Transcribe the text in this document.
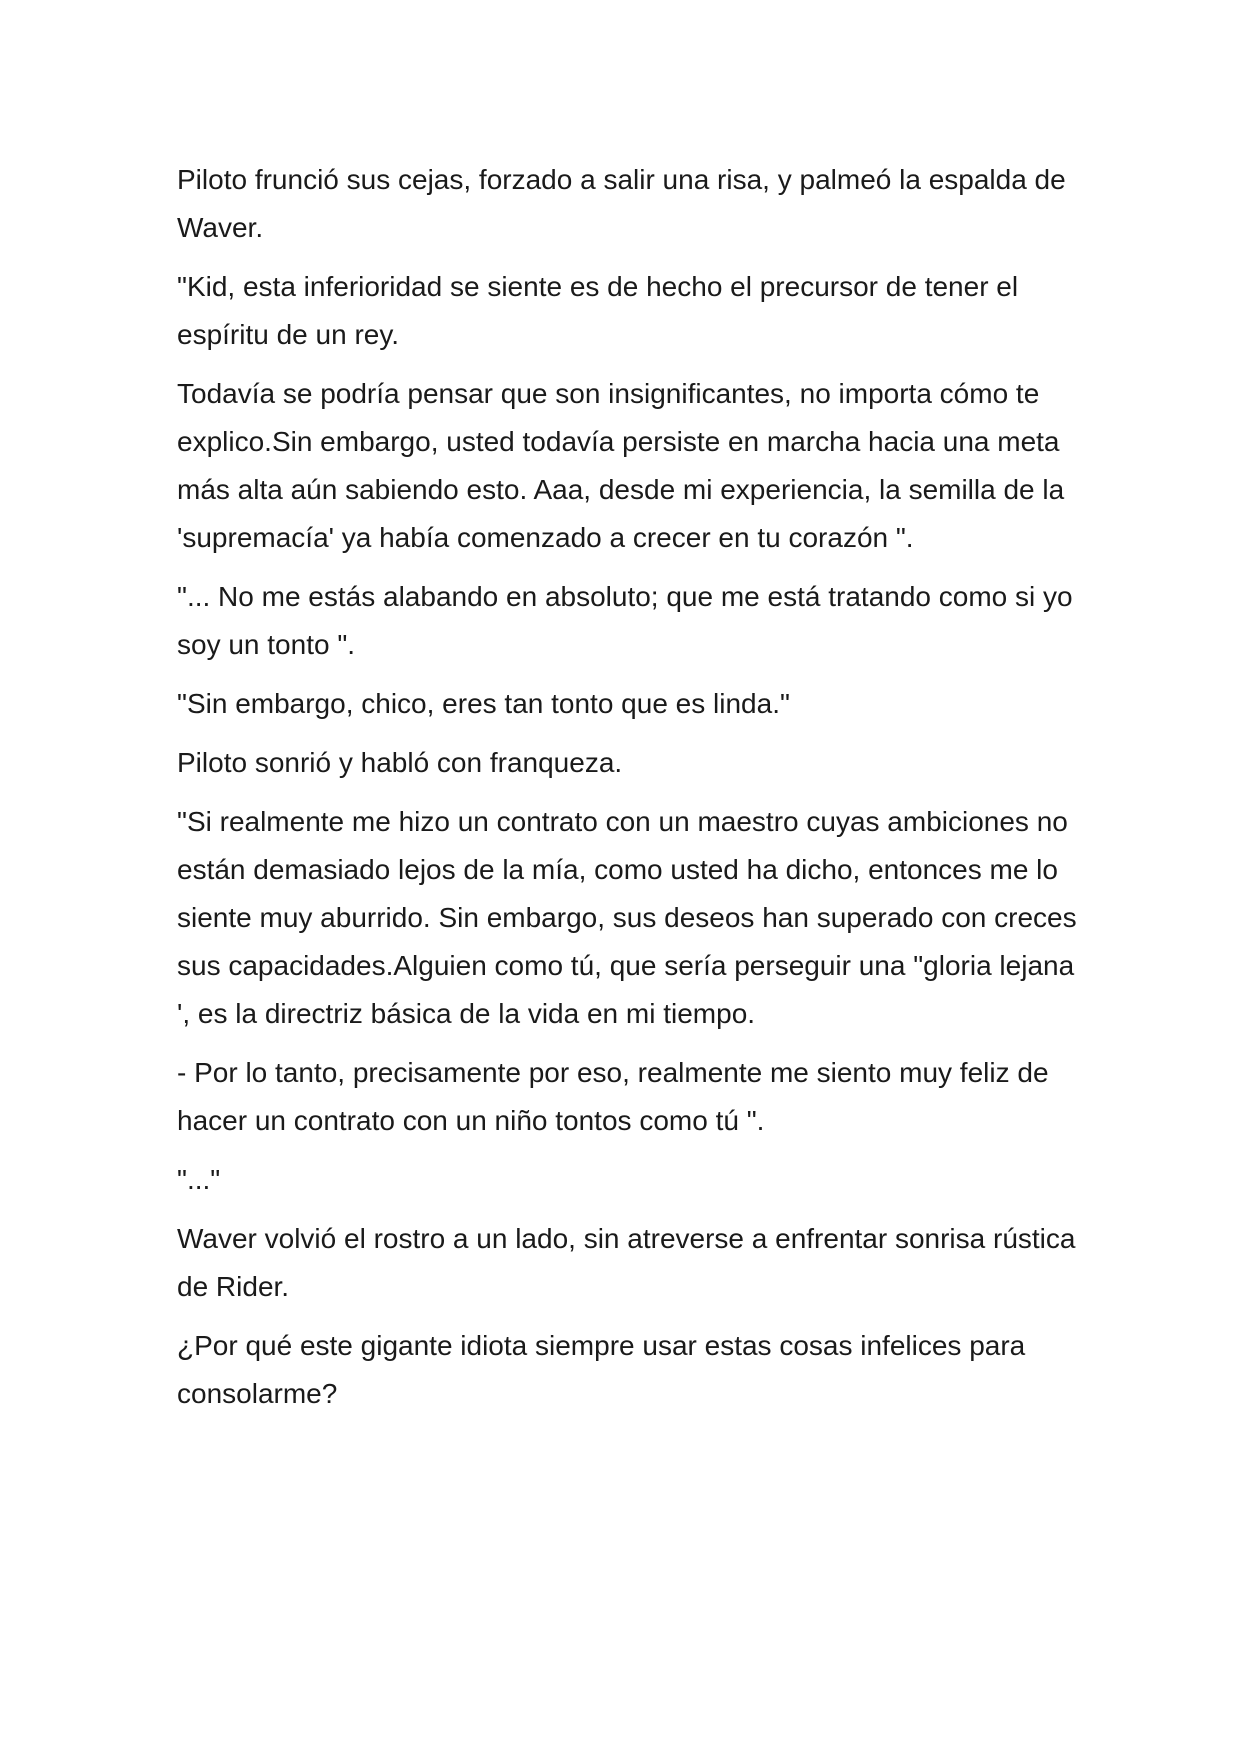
Piloto frunció sus cejas, forzado a salir una risa, y palmeó la espalda de Waver.

"Kid, esta inferioridad se siente es de hecho el precursor de tener el espíritu de un rey.

Todavía se podría pensar que son insignificantes, no importa cómo te explico.Sin embargo, usted todavía persiste en marcha hacia una meta más alta aún sabiendo esto. Aaa, desde mi experiencia, la semilla de la 'supremacía' ya había comenzado a crecer en tu corazón ".

"... No me estás alabando en absoluto; que me está tratando como si yo soy un tonto ".

"Sin embargo, chico, eres tan tonto que es linda."

Piloto sonrió y habló con franqueza.

"Si realmente me hizo un contrato con un maestro cuyas ambiciones no están demasiado lejos de la mía, como usted ha dicho, entonces me lo siente muy aburrido. Sin embargo, sus deseos han superado con creces sus capacidades.Alguien como tú, que sería perseguir una "gloria lejana ', es la directriz básica de la vida en mi tiempo.

- Por lo tanto, precisamente por eso, realmente me siento muy feliz de hacer un contrato con un niño tontos como tú ".

"..."

Waver volvió el rostro a un lado, sin atreverse a enfrentar sonrisa rústica de Rider.

¿Por qué este gigante idiota siempre usar estas cosas infelices para consolarme?
